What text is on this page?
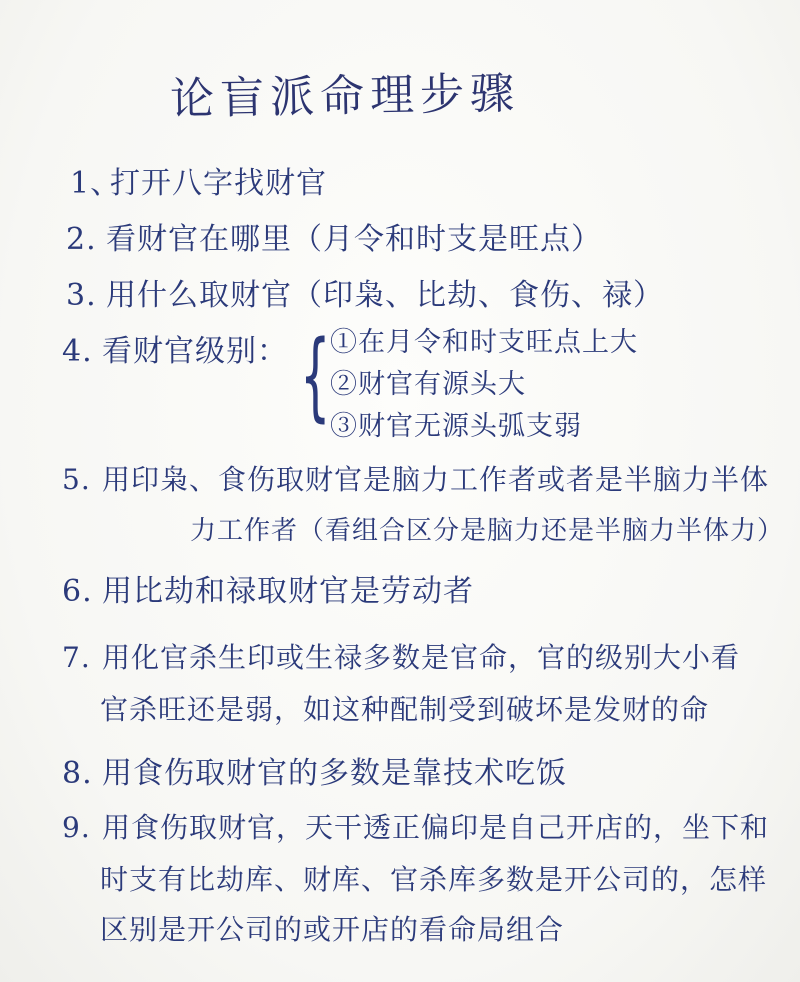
论盲派命理步骤
1、打开八字找财官
2. 看财官在哪里（月令和时支是旺点）
3. 用什么取财官（印枭、比劫、食伤、禄）
4. 看财官级别： { ①在月令和时支旺点上大
②财官有源头大
③财官无源头弧支弱
5. 用印枭、食伤取财官是脑力工作者或者是半脑力半体
力工作者（看组合区分是脑力还是半脑力半体力）
6. 用比劫和禄取财官是劳动者
7. 用化官杀生印或生禄多数是官命，官的级别大小看
官杀旺还是弱，如这种配制受到破坏是发财的命
8. 用食伤取财官的多数是靠技术吃饭
9. 用食伤取财官，天干透正偏印是自己开店的，坐下和
时支有比劫库、财库、官杀库多数是开公司的，怎样
区别是开公司的或开店的看命局组合
